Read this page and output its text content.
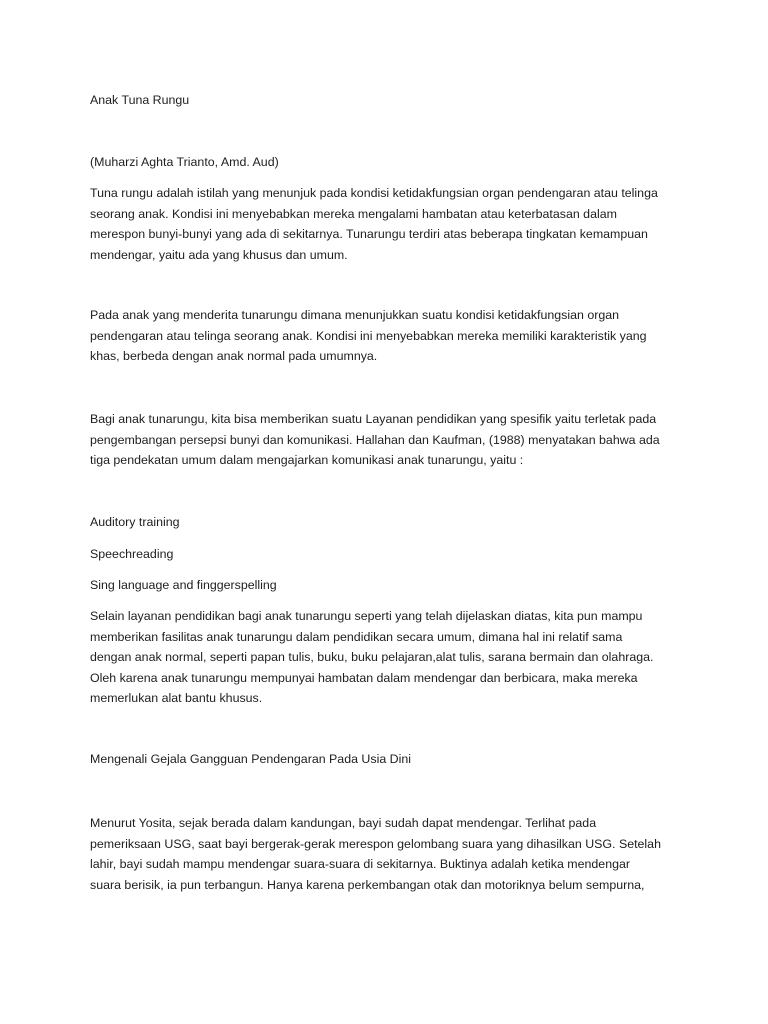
Anak Tuna Rungu
(Muharzi Aghta Trianto, Amd. Aud)
Tuna rungu adalah istilah yang menunjuk pada kondisi ketidakfungsian organ pendengaran atau telinga
seorang anak. Kondisi ini menyebabkan mereka mengalami hambatan atau keterbatasan dalam
merespon bunyi-bunyi yang ada di sekitarnya. Tunarungu terdiri atas beberapa tingkatan kemampuan
mendengar, yaitu ada yang khusus dan umum.
Pada anak yang menderita tunarungu dimana menunjukkan suatu kondisi ketidakfungsian organ
pendengaran atau telinga seorang anak. Kondisi ini menyebabkan mereka memiliki karakteristik yang
khas, berbeda dengan anak normal pada umumnya.
Bagi anak tunarungu, kita bisa memberikan suatu Layanan pendidikan yang spesifik yaitu terletak pada
pengembangan persepsi bunyi dan komunikasi. Hallahan dan Kaufman, (1988) menyatakan bahwa ada
tiga pendekatan umum dalam mengajarkan komunikasi anak tunarungu, yaitu :
Auditory training
Speechreading
Sing language and finggerspelling
Selain layanan pendidikan bagi anak tunarungu seperti yang telah dijelaskan diatas, kita pun mampu
memberikan fasilitas anak tunarungu dalam pendidikan secara umum, dimana hal ini relatif sama
dengan anak normal, seperti papan tulis, buku, buku pelajaran,alat tulis, sarana bermain dan olahraga.
Oleh karena anak tunarungu mempunyai hambatan dalam mendengar dan berbicara, maka mereka
memerlukan alat bantu khusus.
Mengenali Gejala Gangguan Pendengaran Pada Usia Dini
Menurut Yosita, sejak berada dalam kandungan, bayi sudah dapat mendengar. Terlihat pada
pemeriksaan USG, saat bayi bergerak-gerak merespon gelombang suara yang dihasilkan USG. Setelah
lahir, bayi sudah mampu mendengar suara-suara di sekitarnya. Buktinya adalah ketika mendengar
suara berisik, ia pun terbangun. Hanya karena perkembangan otak dan motoriknya belum sempurna,
